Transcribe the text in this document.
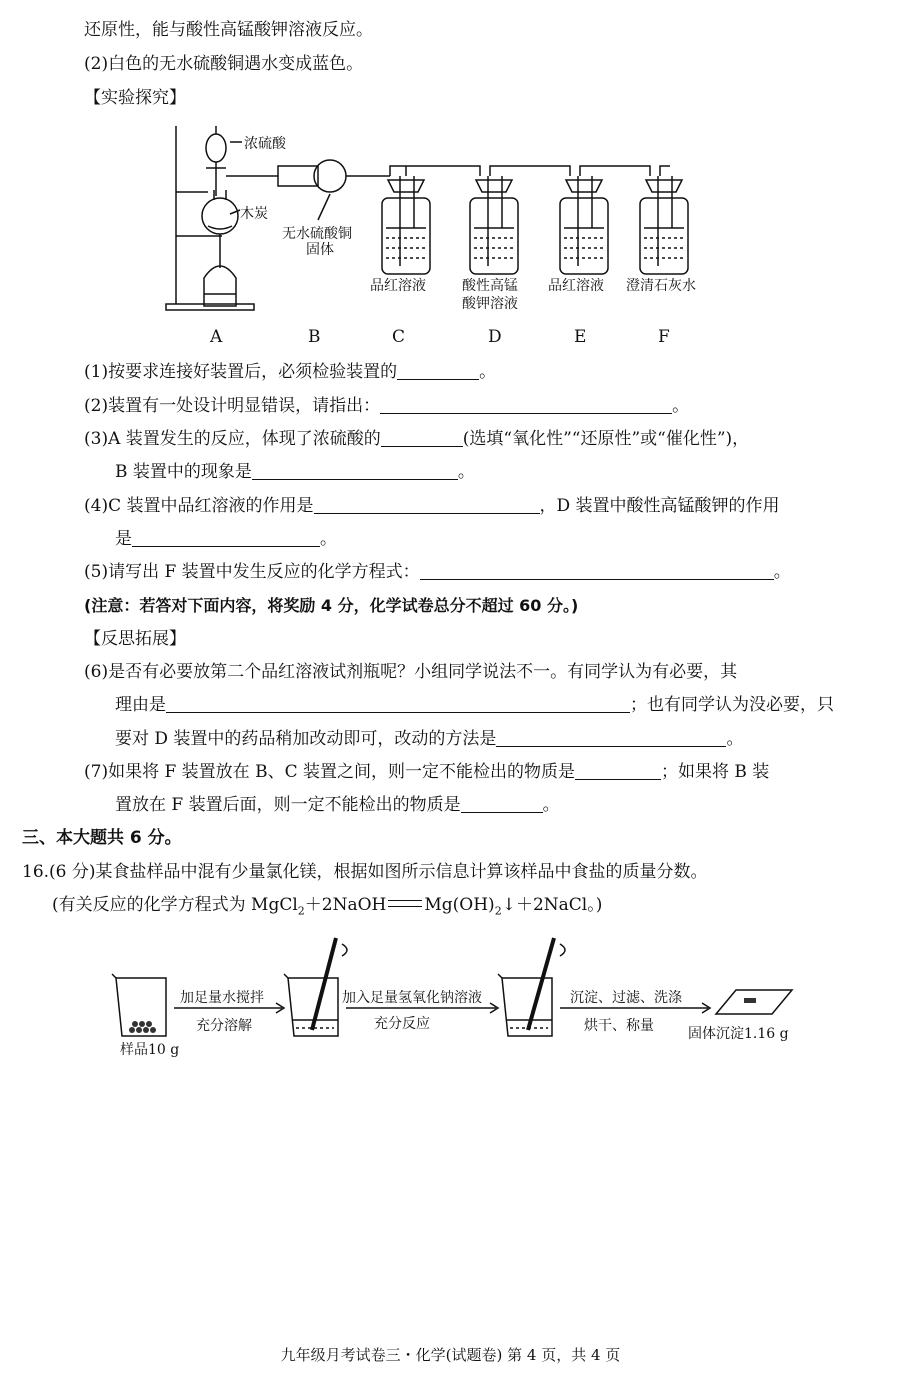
还原性，能与酸性高锰酸钾溶液反应。
(2)白色的无水硫酸铜遇水变成蓝色。
【实验探究】
浓硫酸
木炭
无水硫酸铜
固体
品红溶液	酸性高锰
酸钾溶液
品红溶液 澄清石灰水
A	B	C	D	E	F
(1)按要求连接好装置后，必须检验装置的	。
(2)装置有一处设计明显错误，请指出：	。
(3)A 装置发生的反应，体现了浓硫酸的	(选填“氧化性”“还原性”或“催化性”)，
B 装置中的现象是	。
(4)C 装置中品红溶液的作用是	，D 装置中酸性高锰酸钾的作用
是	。
(5)请写出 F 装置中发生反应的化学方程式：	。
(注意：若答对下面内容，将奖励 4 分，化学试卷总分不超过 60 分。)
【反思拓展】
(6)是否有必要放第二个品红溶液试剂瓶呢？小组同学说法不一。有同学认为有必要，其
理由是	；也有同学认为没必要，只
要对 D 装置中的药品稍加改动即可，改动的方法是	。
(7)如果将 F 装置放在 B、C 装置之间，则一定不能检出的物质是	；如果将 B 装
置放在 F 装置后面，则一定不能检出的物质是	。
三、本大题共 6 分。
16.(6 分)某食盐样品中混有少量氯化镁，根据如图所示信息计算该样品中食盐的质量分数。
(有关反应的化学方程式为 MgCl$_2$＋2NaOH $Mg(OH)_2↓+2NaCl$。)
样品10 g
加足量水搅拌
充分溶解
加入足量氢氧化钠溶液
充分反应
沉淀、过滤、洗涤
烘干、称量 固体沉淀1.16 g
九年级月考试卷三・化学(试题卷) 第 4 页，共 4 页
